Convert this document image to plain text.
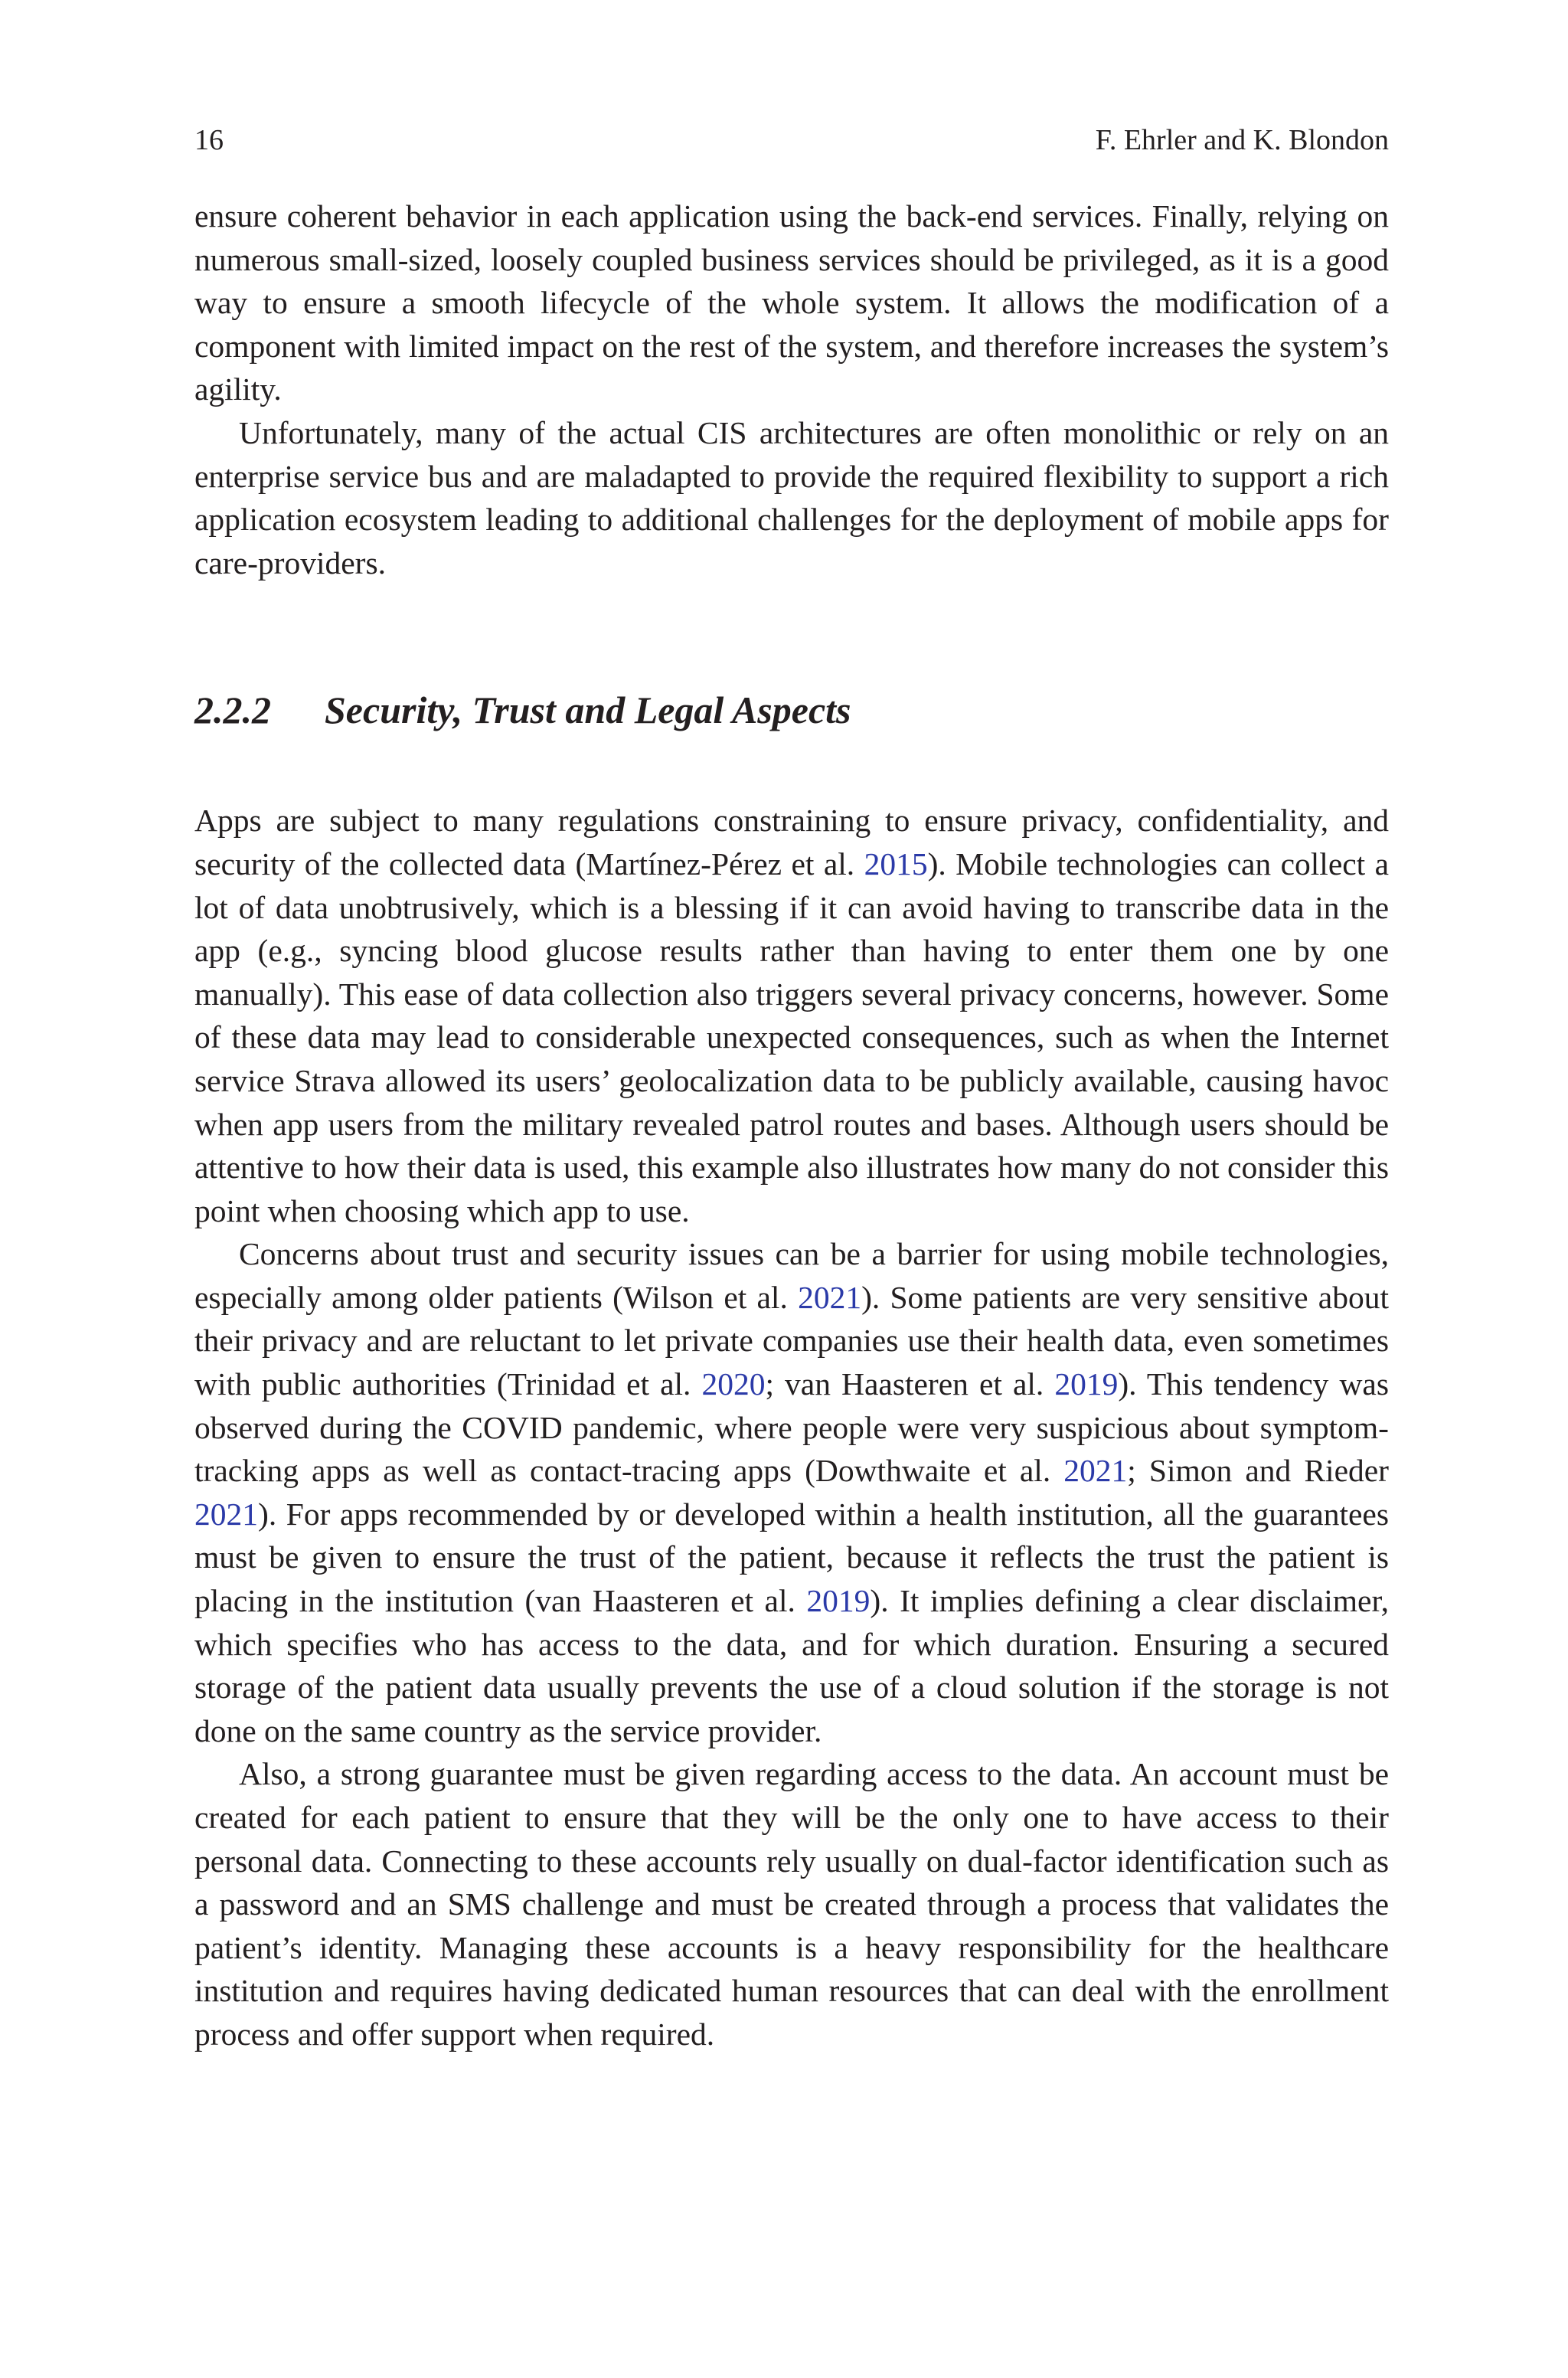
16	F. Ehrler and K. Blondon

ensure coherent behavior in each application using the back-end services. Finally, relying on numerous small-sized, loosely coupled business services should be privileged, as it is a good way to ensure a smooth lifecycle of the whole system. It allows the modification of a component with limited impact on the rest of the system, and therefore increases the system’s agility.

Unfortunately, many of the actual CIS architectures are often monolithic or rely on an enterprise service bus and are maladapted to provide the required flexibility to support a rich application ecosystem leading to additional challenges for the deployment of mobile apps for care-providers.

2.2.2	Security, Trust and Legal Aspects

Apps are subject to many regulations constraining to ensure privacy, confidentiality, and security of the collected data (Martínez-Pérez et al. 2015). Mobile technologies can collect a lot of data unobtrusively, which is a blessing if it can avoid having to transcribe data in the app (e.g., syncing blood glucose results rather than having to enter them one by one manually). This ease of data collection also triggers several privacy concerns, however. Some of these data may lead to considerable unexpected consequences, such as when the Internet service Strava allowed its users’ geolocalization data to be publicly available, causing havoc when app users from the military revealed patrol routes and bases. Although users should be attentive to how their data is used, this example also illustrates how many do not consider this point when choosing which app to use.

Concerns about trust and security issues can be a barrier for using mobile technologies, especially among older patients (Wilson et al. 2021). Some patients are very sensitive about their privacy and are reluctant to let private companies use their health data, even sometimes with public authorities (Trinidad et al. 2020; van Haasteren et al. 2019). This tendency was observed during the COVID pandemic, where people were very suspicious about symptom-tracking apps as well as contact-tracing apps (Dowthwaite et al. 2021; Simon and Rieder 2021). For apps recommended by or developed within a health institution, all the guarantees must be given to ensure the trust of the patient, because it reflects the trust the patient is placing in the institution (van Haasteren et al. 2019). It implies defining a clear disclaimer, which specifies who has access to the data, and for which duration. Ensuring a secured storage of the patient data usually prevents the use of a cloud solution if the storage is not done on the same country as the service provider.

Also, a strong guarantee must be given regarding access to the data. An account must be created for each patient to ensure that they will be the only one to have access to their personal data. Connecting to these accounts rely usually on dual-factor identification such as a password and an SMS challenge and must be created through a process that validates the patient’s identity. Managing these accounts is a heavy responsibility for the healthcare institution and requires having dedicated human resources that can deal with the enrollment process and offer support when required.
